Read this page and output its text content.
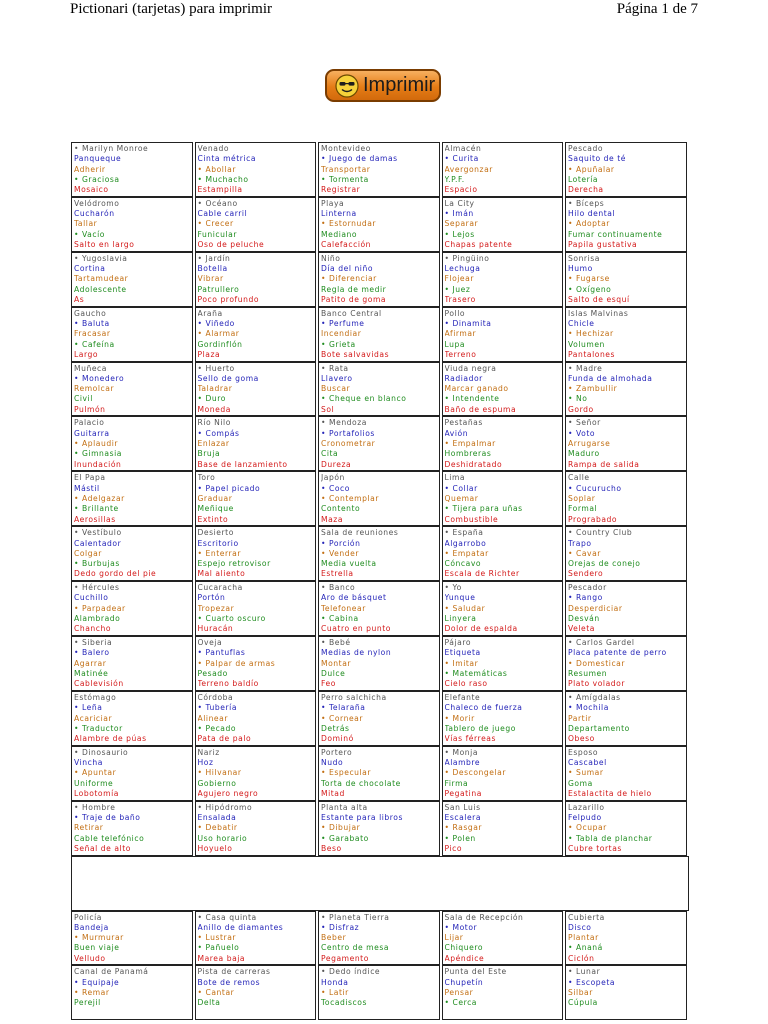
Pictionari (tarjetas) para imprimir	Página 1 de 7
Imprimir
• Marilyn Monroe
Panqueque
Adherir
• Graciosa
Mosaico
Venado
Cinta métrica
• Abollar
• Muchacho
Estampilla
Montevideo
• Juego de damas
Transportar
• Tormenta
Registrar
Almacén
• Curita
Avergonzar
Y.P.F.
Espacio
Pescado
Saquito de té
• Apuñalar
Lotería
Derecha
Velódromo
Cucharón
Tallar
• Vacío
Salto en largo
• Océano
Cable carril
• Crecer
Funicular
Oso de peluche
Playa
Linterna
• Estornudar
Mediano
Calefacción
La City
• Imán
Separar
• Lejos
Chapas patente
• Bíceps
Hilo dental
• Adoptar
Fumar continuamente
Papila gustativa
• Yugoslavia
Cortina
Tartamudear
Adolescente
As
• Jardín
Botella
Vibrar
Patrullero
Poco profundo
Niño
Día del niño
• Diferenciar
Regla de medir
Patito de goma
• Pingüino
Lechuga
Flojear
• Juez
Trasero
Sonrisa
Humo
• Fugarse
• Oxígeno
Salto de esquí
Gaucho
• Baluta
Fracasar
• Cafeína
Largo
Araña
• Viñedo
• Alarmar
Gordinflón
Plaza
Banco Central
• Perfume
Incendiar
• Grieta
Bote salvavidas
Pollo
• Dinamita
Afirmar
Lupa
Terreno
Islas Malvinas
Chicle
• Hechizar
Volumen
Pantalones
Muñeca
• Monedero
Remolcar
Civil
Pulmón
• Huerto
Sello de goma
Taladrar
• Duro
Moneda
• Rata
Llavero
Buscar
• Cheque en blanco
Sol
Viuda negra
Radiador
Marcar ganado
• Intendente
Baño de espuma
• Madre
Funda de almohada
• Zambullir
• No
Gordo
Palacio
Guitarra
• Aplaudir
• Gimnasia
Inundación
Río Nilo
• Compás
Enlazar
Bruja
Base de lanzamiento
• Mendoza
• Portafolios
Cronometrar
Cita
Dureza
Pestañas
Avión
• Empalmar
Hombreras
Deshidratado
• Señor
• Voto
Arrugarse
Maduro
Rampa de salida
El Papa
Mástil
• Adelgazar
• Brillante
Aerosillas
Toro
• Papel picado
Graduar
Meñique
Extinto
Japón
• Coco
• Contemplar
Contento
Maza
Lima
• Collar
Quemar
• Tijera para uñas
Combustible
Calle
• Cucurucho
Soplar
Formal
Prograbado
• Vestíbulo
Calentador
Colgar
• Burbujas
Dedo gordo del pie
Desierto
Escritorio
• Enterrar
Espejo retrovisor
Mal aliento
Sala de reuniones
• Porción
• Vender
Media vuelta
Estrella
• España
Algarrobo
• Empatar
Cóncavo
Escala de Richter
• Country Club
Trapo
• Cavar
Orejas de conejo
Sendero
• Hércules
Cuchillo
• Parpadear
Alambrado
Chancho
Cucaracha
Portón
Tropezar
• Cuarto oscuro
Huracán
• Banco
Aro de básquet
Telefonear
• Cabina
Cuatro en punto
• Yo
Yunque
• Saludar
Linyera
Dolor de espalda
Pescador
• Rango
Desperdiciar
Desván
Veleta
• Siberia
• Balero
Agarrar
Matinée
Cablevisión
Oveja
• Pantuflas
• Palpar de armas
Pesado
Terreno baldío
• Bebé
Medias de nylon
Montar
Dulce
Feo
Pájaro
Etiqueta
• Imitar
• Matemáticas
Cielo raso
• Carlos Gardel
Placa patente de perro
• Domesticar
Resumen
Plato volador
Estómago
• Leña
Acariciar
• Traductor
Alambre de púas
Córdoba
• Tubería
Alinear
• Pecado
Pata de palo
Perro salchicha
• Telaraña
• Cornear
Detrás
Dominó
Elefante
Chaleco de fuerza
• Morir
Tablero de juego
Vías férreas
• Amígdalas
• Mochila
Partir
Departamento
Obeso
• Dinosaurio
Vincha
• Apuntar
Uniforme
Lobotomía
Nariz
Hoz
• Hilvanar
Gobierno
Agujero negro
Portero
Nudo
• Especular
Torta de chocolate
Mitad
• Monja
Alambre
• Descongelar
Firma
Pegatina
Esposo
Cascabel
• Sumar
Goma
Estalactita de hielo
• Hombre
• Traje de baño
Retirar
Cable telefónico
Señal de alto
• Hipódromo
Ensalada
• Debatir
Uso horario
Hoyuelo
Planta alta
Estante para libros
• Dibujar
• Garabato
Beso
San Luis
Escalera
• Rasgar
• Polen
Pico
Lazarillo
Felpudo
• Ocupar
• Tabla de planchar
Cubre tortas
Policía
Bandeja
• Murmurar
Buen viaje
Velludo
• Casa quinta
Anillo de diamantes
• Lustrar
• Pañuelo
Marea baja
• Planeta Tierra
• Disfraz
Beber
Centro de mesa
Pegamento
Sala de Recepción
• Motor
Lijar
Chiquero
Apéndice
Cubierta
Disco
Plantar
• Ananá
Ciclón
Canal de Panamá
• Equipaje
• Remar
Perejil
Pista de carreras
Bote de remos
• Cantar
Delta
• Dedo índice
Honda
• Latir
Tocadiscos
Punta del Este
Chupetín
Pensar
• Cerca
• Lunar
• Escopeta
Silbar
Cúpula
